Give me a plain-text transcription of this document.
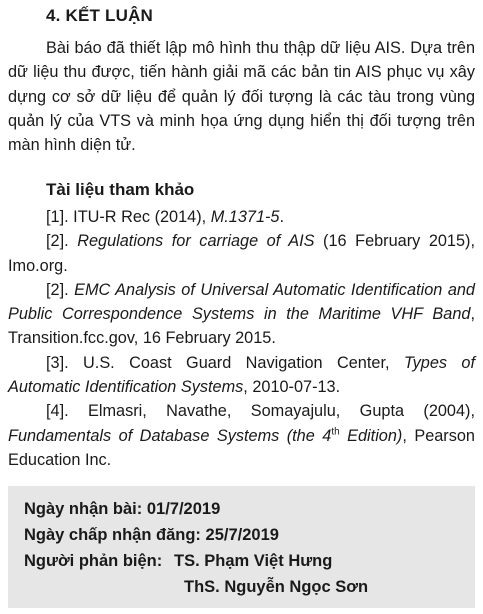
4. KẾT LUẬN

Bài báo đã thiết lập mô hình thu thập dữ liệu AIS. Dựa trên dữ liệu thu được, tiến hành giải mã các bản tin AIS phục vụ xây dựng cơ sở dữ liệu để quản lý đối tượng là các tàu trong vùng quản lý của VTS và minh họa ứng dụng hiển thị đối tượng trên màn hình diện tử.

Tài liệu tham khảo
[1]. ITU-R Rec (2014), M.1371-5.
[2]. Regulations for carriage of AIS (16 February 2015), Imo.org.
[2]. EMC Analysis of Universal Automatic Identification and Public Correspondence Systems in the Maritime VHF Band, Transition.fcc.gov, 16 February 2015.
[3]. U.S. Coast Guard Navigation Center, Types of Automatic Identification Systems, 2010-07-13.
[4]. Elmasri, Navathe, Somayajulu, Gupta (2004), Fundamentals of Database Systems (the 4th Edition), Pearson Education Inc.
Ngày nhận bài: 01/7/2019
Ngày chấp nhận đăng: 25/7/2019
Người phản biện: TS. Phạm Việt Hưng
ThS. Nguyễn Ngọc Sơn
